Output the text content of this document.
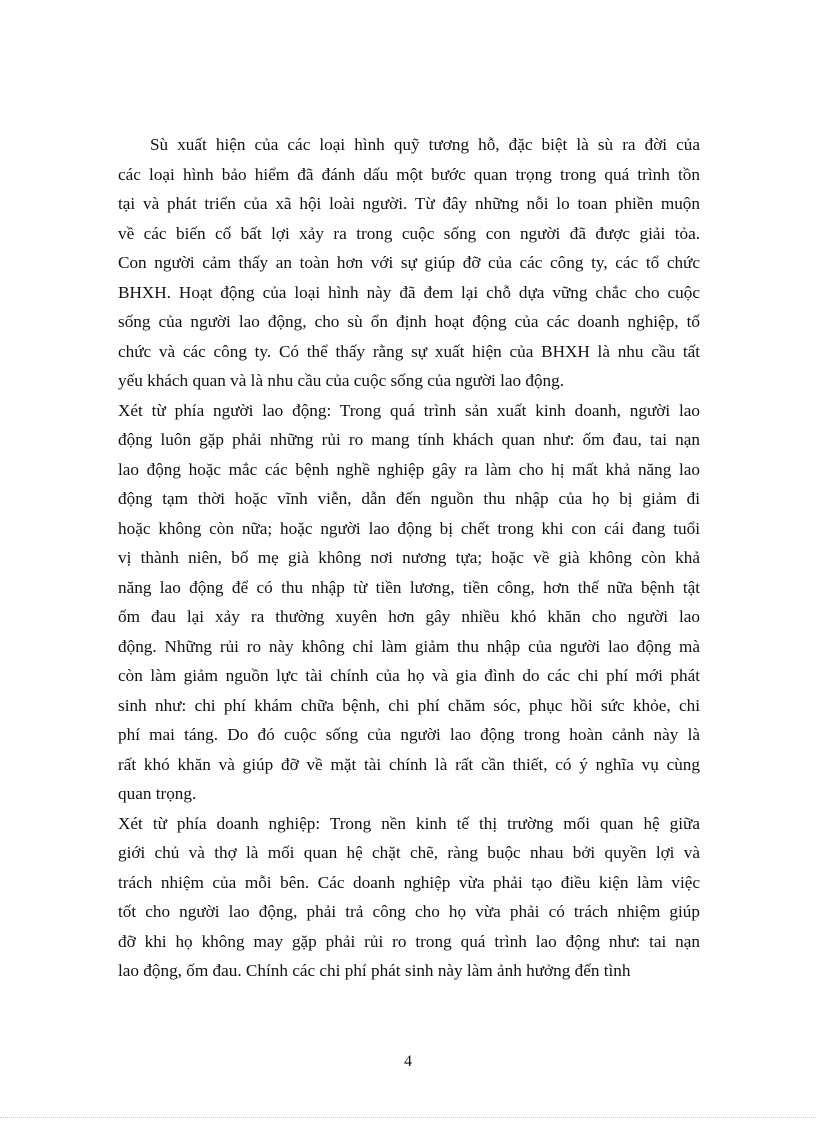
Sù xuất hiện của các loại hình quỹ tương hỗ, đặc biệt là sù ra đời của
các loại hình bảo hiểm đã đánh dấu một bước quan trọng trong quá trình tồn
tại và phát triển của xã hội loài người. Từ đây những nỗi lo toan phiền muộn
về các biến cố bất lợi xảy ra trong cuộc sống con người đã được giải tỏa.
Con người cảm thấy an toàn hơn với sự giúp đỡ của các công ty, các tổ chức
BHXH. Hoạt động của loại hình này đã đem lại chỗ dựa vững chắc cho cuộc
sống của người lao động, cho sù ổn định hoạt động của các doanh nghiệp, tổ
chức và các công ty. Có thể thấy rằng sự xuất hiện của BHXH là nhu cầu tất
yếu khách quan và là nhu cầu của cuộc sống của người lao động.
Xét từ phía người lao động: Trong quá trình sản xuất kinh doanh, người lao
động luôn gặp phải những rủi ro mang tính khách quan như: ốm đau, tai nạn
lao động hoặc mắc các bệnh nghề nghiệp gây ra làm cho hị mất khả năng lao
động tạm thời hoặc vĩnh viễn, dẫn đến nguồn thu nhập của họ bị giảm đi
hoặc không còn nữa; hoặc người lao động bị chết trong khi con cái đang tuổi
vị thành niên, bố mẹ già không nơi nương tựa; hoặc về già không còn khả
năng lao động để có thu nhập từ tiền lương, tiền công, hơn thế nữa bệnh tật
ốm đau lại xảy ra thường xuyên hơn gây nhiều khó khăn cho người lao
động. Những rủi ro này không chỉ làm giảm thu nhập của người lao động mà
còn làm giảm nguồn lực tài chính của họ và gia đình do các chi phí mới phát
sinh như: chi phí khám chữa bệnh, chi phí chăm sóc, phục hồi sức khỏe, chi
phí mai táng. Do đó cuộc sống của người lao động trong hoàn cảnh này là
rất khó khăn và giúp đỡ về mặt tài chính là rất cần thiết, có ý nghĩa vụ cùng
quan trọng.
Xét từ phía doanh nghiệp: Trong nền kinh tế thị trường mối quan hệ giữa
giới chủ và thợ là mối quan hệ chặt chẽ, ràng buộc nhau bởi quyền lợi và
trách nhiệm của mỗi bên. Các doanh nghiệp vừa phải tạo điều kiện làm việc
tốt cho người lao động, phải trả công cho họ vừa phải có trách nhiệm giúp
đỡ khi họ không may gặp phải rủi ro trong quá trình lao động như: tai nạn
lao động, ốm đau. Chính các chi phí phát sinh này làm ảnh hưởng đến tình
4
